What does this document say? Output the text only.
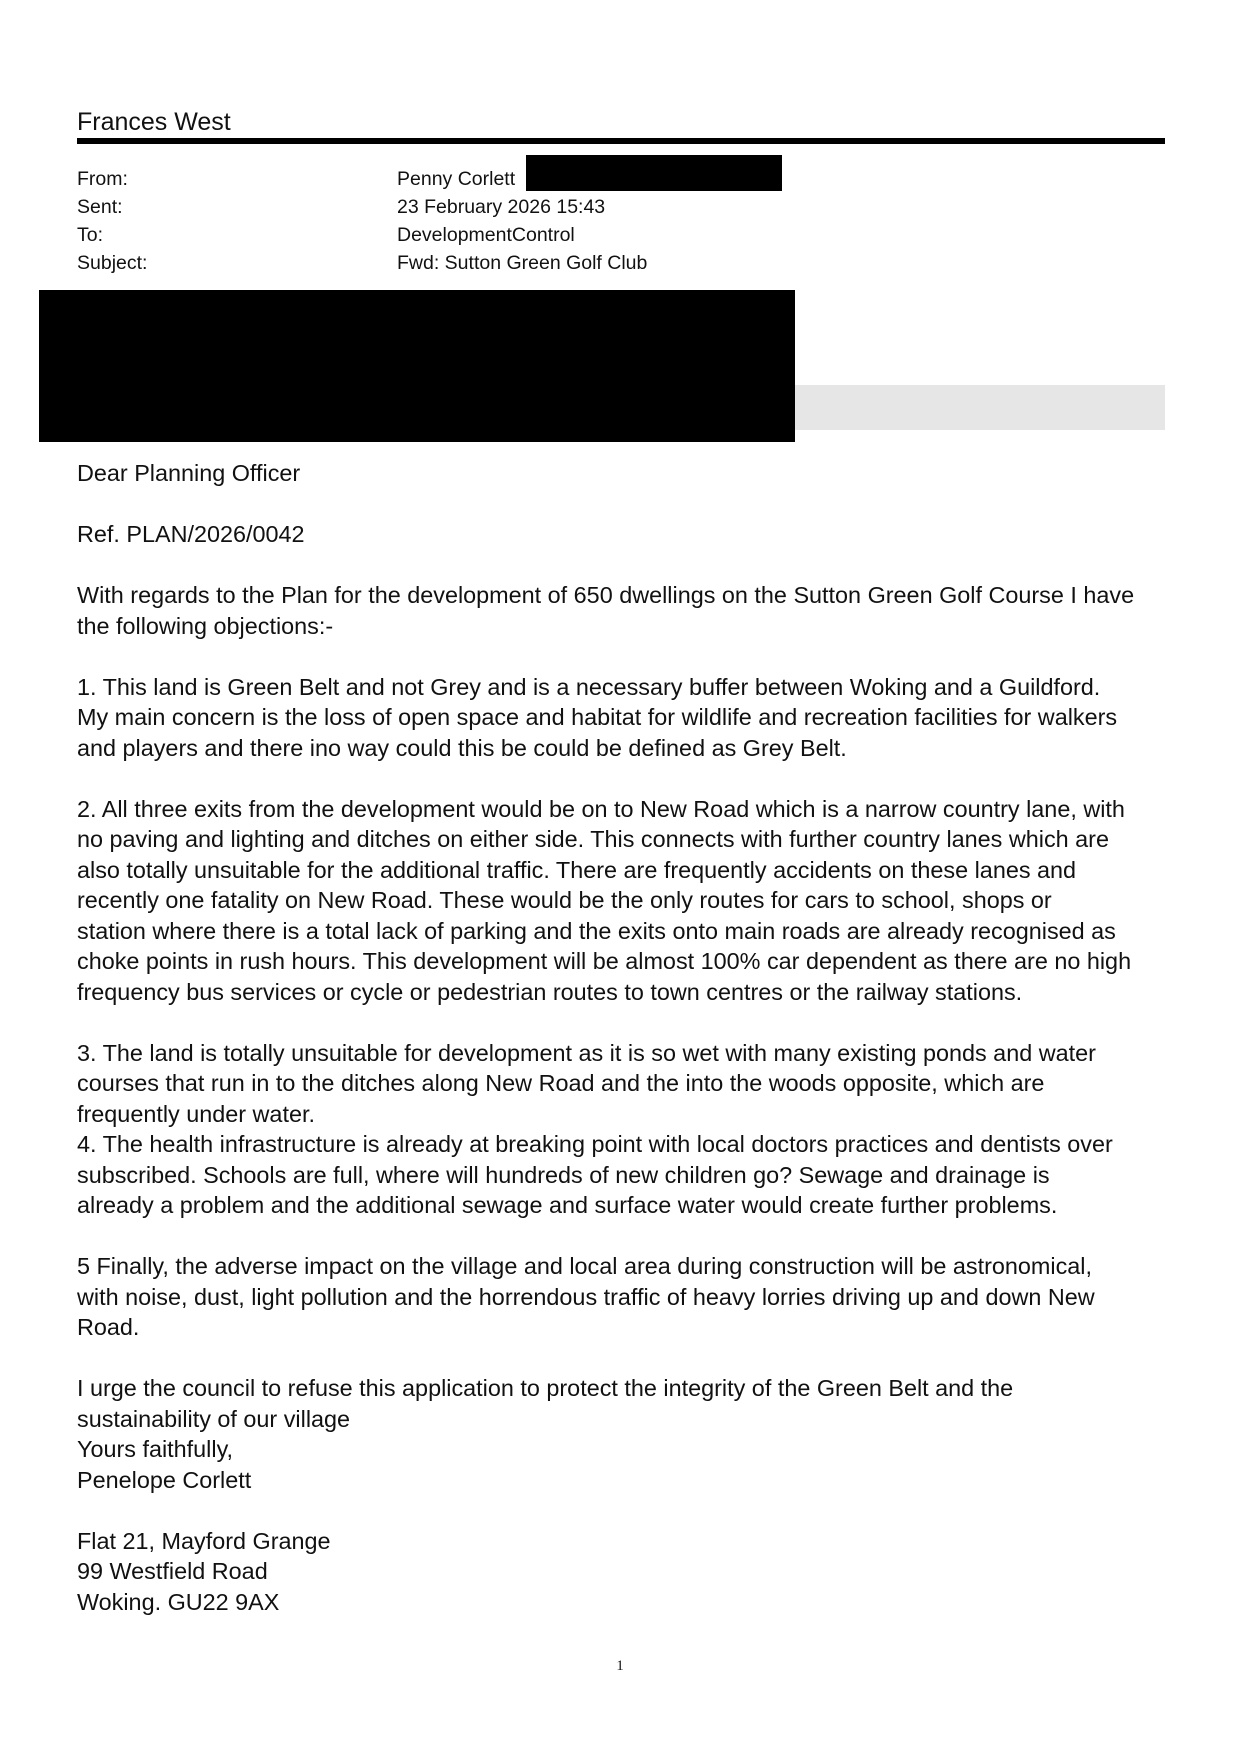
Frances West
From:	Penny Corlett
Sent:	23 February 2026 15:43
To:	DevelopmentControl
Subject:	Fwd: Sutton Green Golf Club

Dear Planning Officer

Ref. PLAN/2026/0042

With regards to the Plan for the development of 650 dwellings on the Sutton Green Golf Course I have

the following objections:-

1. This land is Green Belt and not Grey and is a necessary buffer between Woking and a Guildford.

My main concern is the loss of open space and habitat for wildlife and recreation facilities for walkers

and players and there ino way could this be could be defined as Grey Belt.

2. All three exits from the development would be on to New Road which is a narrow country lane, with

no paving and lighting and ditches on either side. This connects with further country lanes which are

also totally unsuitable for the additional traffic. There are frequently accidents on these lanes and

recently one fatality on New Road. These would be the only routes for cars to school, shops or

station where there is a total lack of parking and the exits onto main roads are already recognised as

choke points in rush hours. This development will be almost 100% car dependent as there are no high

frequency bus services or cycle or pedestrian routes to town centres or the railway stations.

3. The land is totally unsuitable for development as it is so wet with many existing ponds and water

courses that run in to the ditches along New Road and the into the woods opposite, which are

frequently under water.

4. The health infrastructure is already at breaking point with local doctors practices and dentists over

subscribed. Schools are full, where will hundreds of new children go? Sewage and drainage is

already a problem and the additional sewage and surface water would create further problems.

5 Finally, the adverse impact on the village and local area during construction will be astronomical,

with noise, dust, light pollution and the horrendous traffic of heavy lorries driving up and down New

Road.

I urge the council to refuse this application to protect the integrity of the Green Belt and the

sustainability of our village

Yours faithfully,

Penelope Corlett

Flat 21, Mayford Grange

99 Westfield Road

Woking. GU22 9AX

1
